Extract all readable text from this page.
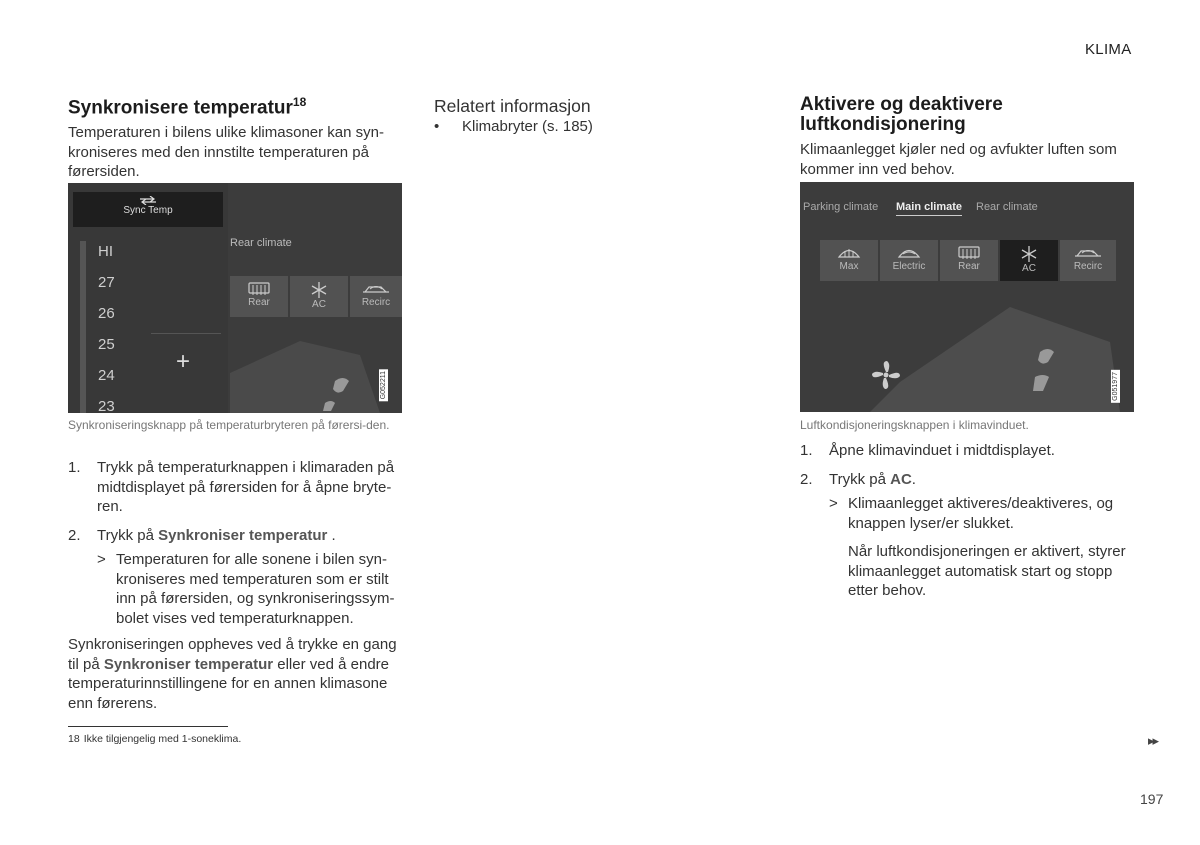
KLIMA
Synkronisere temperatur$^{18}$
Temperaturen i bilens ulike klimasoner kan syn-kroniseres med den innstilte temperaturen på førersiden.
Sync Temp
HI
27
26
25
24
23
+
Rear climate
Rear	AC	Recirc
G052211
Synkroniseringsknapp på temperaturbryteren på førersi-den.
1. Trykk på temperaturknappen i klimaraden på midtdisplayet på førersiden for å åpne bryte-ren.
2. Trykk på Synkroniser temperatur .
> Temperaturen for alle sonene i bilen syn-kroniseres med temperaturen som er stilt inn på førersiden, og synkroniseringssym-bolet vises ved temperaturknappen.
Synkroniseringen oppheves ved å trykke en gang til på Synkroniser temperatur eller ved å endre temperaturinnstillingene for en annen klimasone enn førerens.
18 Ikke tilgjengelig med 1-soneklima.
Relatert informasjon
• Klimabryter (s. 185)
Aktivere og deaktivere
luftkondisjonering
Klimaanlegget kjøler ned og avfukter luften som kommer inn ved behov.
Parking climate Main climate Rear climate
Max	Electric	Rear	AC	Recirc
G051977
Luftkondisjoneringsknappen i klimavinduet.
1. Åpne klimavinduet i midtdisplayet.
2. Trykk på AC.
> Klimaanlegget aktiveres/deaktiveres, og knappen lyser/er slukket.
Når luftkondisjoneringen er aktivert, styrer klimaanlegget automatisk start og stopp etter behov.
▸▸
197
